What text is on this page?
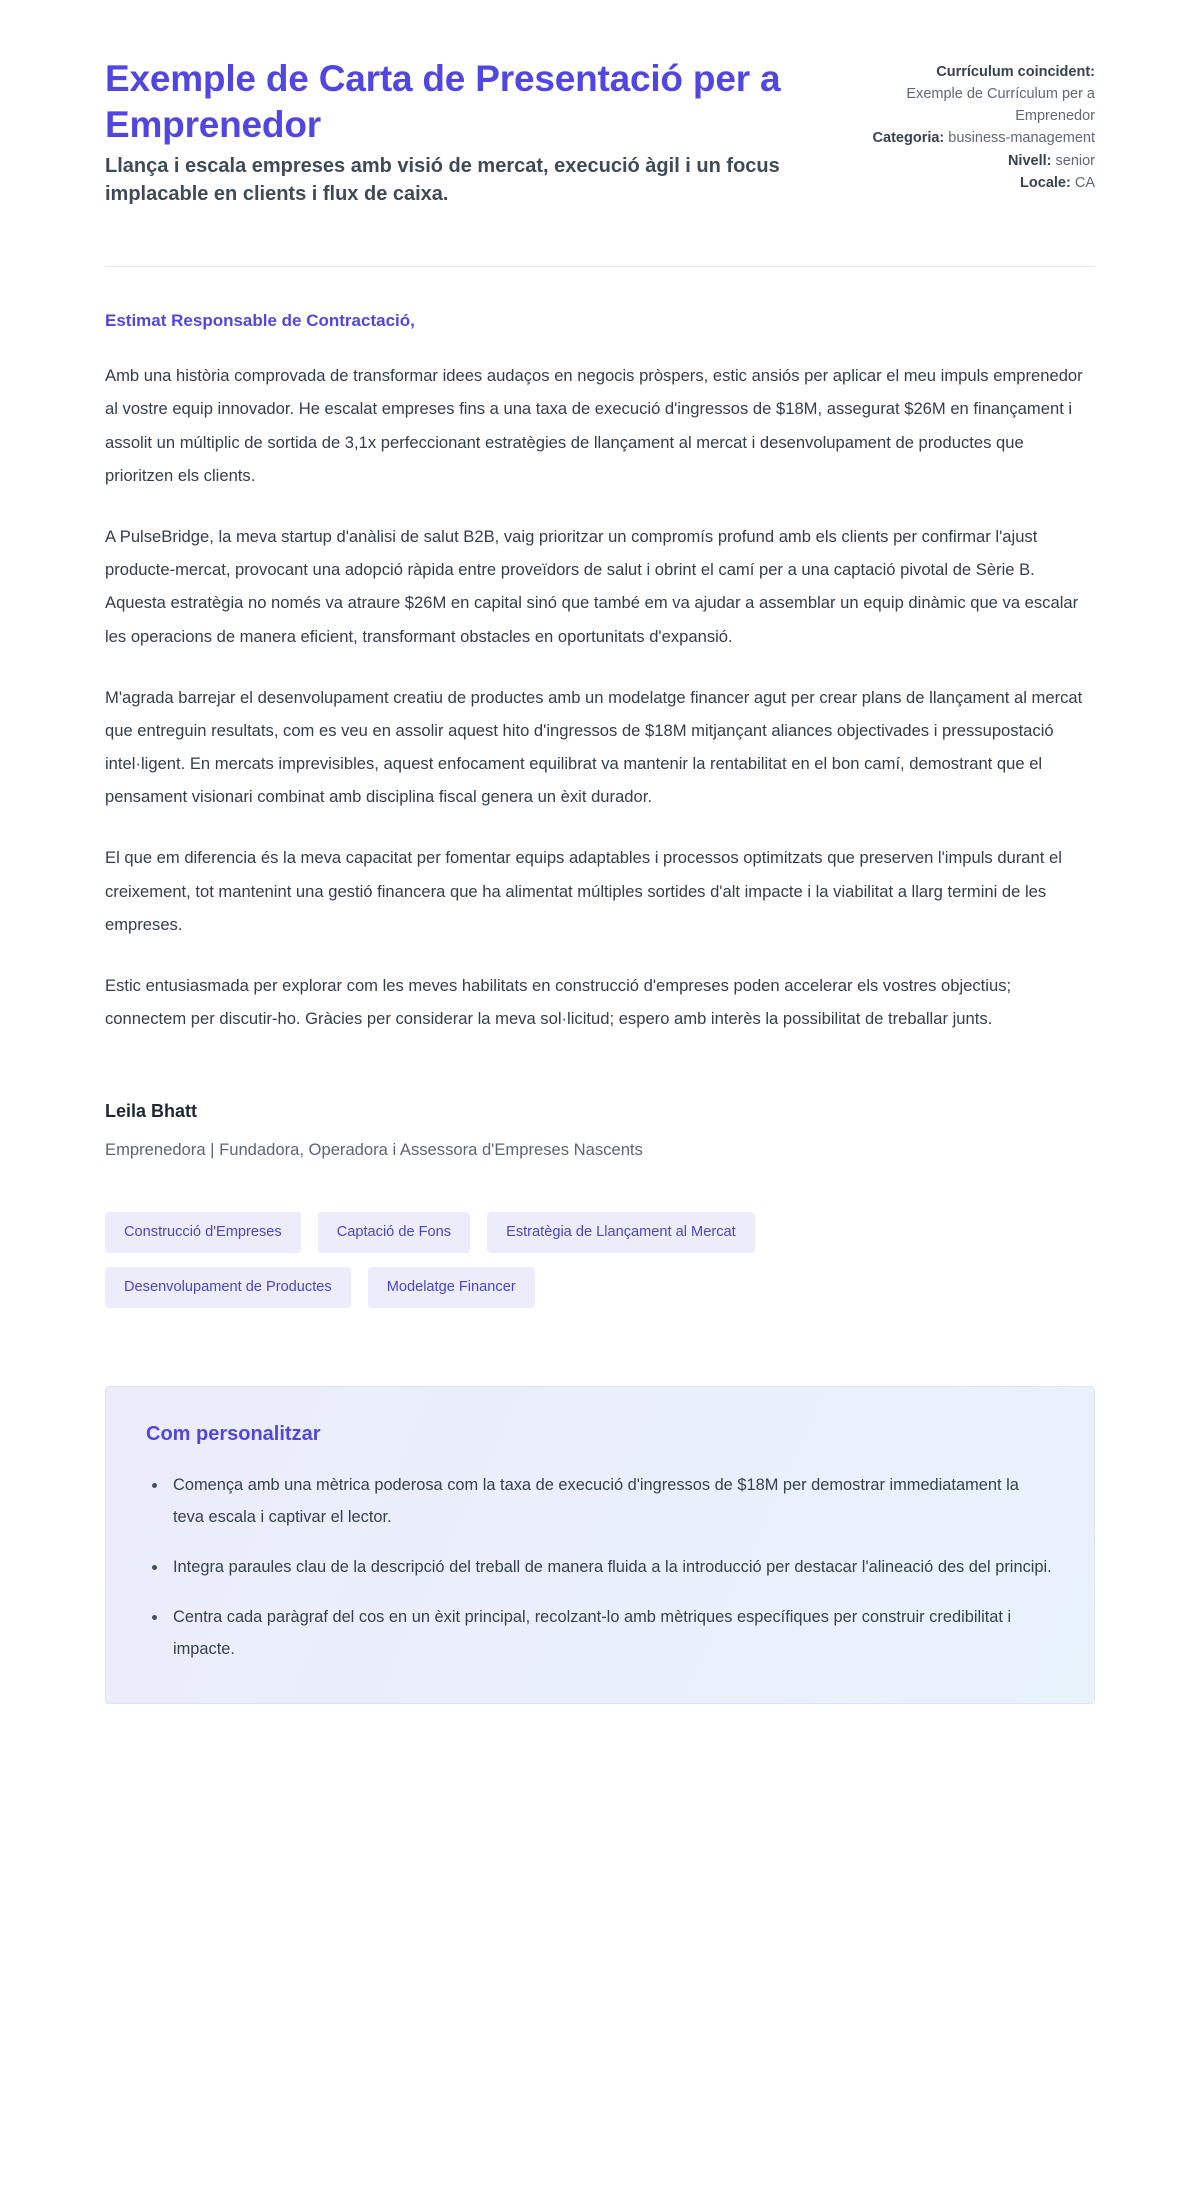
Exemple de Carta de Presentació per a Emprenedor

Llança i escala empreses amb visió de mercat, execució àgil i un focus implacable en clients i flux de caixa.

Currículum coincident:
Exemple de Currículum per a Emprenedor
Categoria: business-management
Nivell: senior
Locale: CA

Estimat Responsable de Contractació,

Amb una història comprovada de transformar idees audaços en negocis pròspers, estic ansiós per aplicar el meu impuls emprenedor al vostre equip innovador. He escalat empreses fins a una taxa de execució d'ingressos de $18M, assegurat $26M en finançament i assolit un múltiplic de sortida de 3,1x perfeccionant estratègies de llançament al mercat i desenvolupament de productes que prioritzen els clients.

A PulseBridge, la meva startup d'anàlisi de salut B2B, vaig prioritzar un compromís profund amb els clients per confirmar l'ajust producte-mercat, provocant una adopció ràpida entre proveïdors de salut i obrint el camí per a una captació pivotal de Sèrie B. Aquesta estratègia no només va atraure $26M en capital sinó que també em va ajudar a assemblar un equip dinàmic que va escalar les operacions de manera eficient, transformant obstacles en oportunitats d'expansió.

M'agrada barrejar el desenvolupament creatiu de productes amb un modelatge financer agut per crear plans de llançament al mercat que entreguin resultats, com es veu en assolir aquest hito d'ingressos de $18M mitjançant aliances objectivades i pressupostació intel·ligent. En mercats imprevisibles, aquest enfocament equilibrat va mantenir la rentabilitat en el bon camí, demostrant que el pensament visionari combinat amb disciplina fiscal genera un èxit durador.

El que em diferencia és la meva capacitat per fomentar equips adaptables i processos optimitzats que preserven l'impuls durant el creixement, tot mantenint una gestió financera que ha alimentat múltiples sortides d'alt impacte i la viabilitat a llarg termini de les empreses.

Estic entusiasmada per explorar com les meves habilitats en construcció d'empreses poden accelerar els vostres objectius; connectem per discutir-ho. Gràcies per considerar la meva sol·licitud; espero amb interès la possibilitat de treballar junts.

Leila Bhatt

Emprenedora | Fundadora, Operadora i Assessora d'Empreses Nascents

Construcció d'Empreses	Captació de Fons	Estratègia de Llançament al Mercat
Desenvolupament de Productes	Modelatge Financer
Com personalitzar
Comença amb una mètrica poderosa com la taxa de execució d'ingressos de $18M per demostrar immediatament la teva escala i captivar el lector.
Integra paraules clau de la descripció del treball de manera fluida a la introducció per destacar l'alineació des del principi.
Centra cada paràgraf del cos en un èxit principal, recolzant-lo amb mètriques específiques per construir credibilitat i impacte.
